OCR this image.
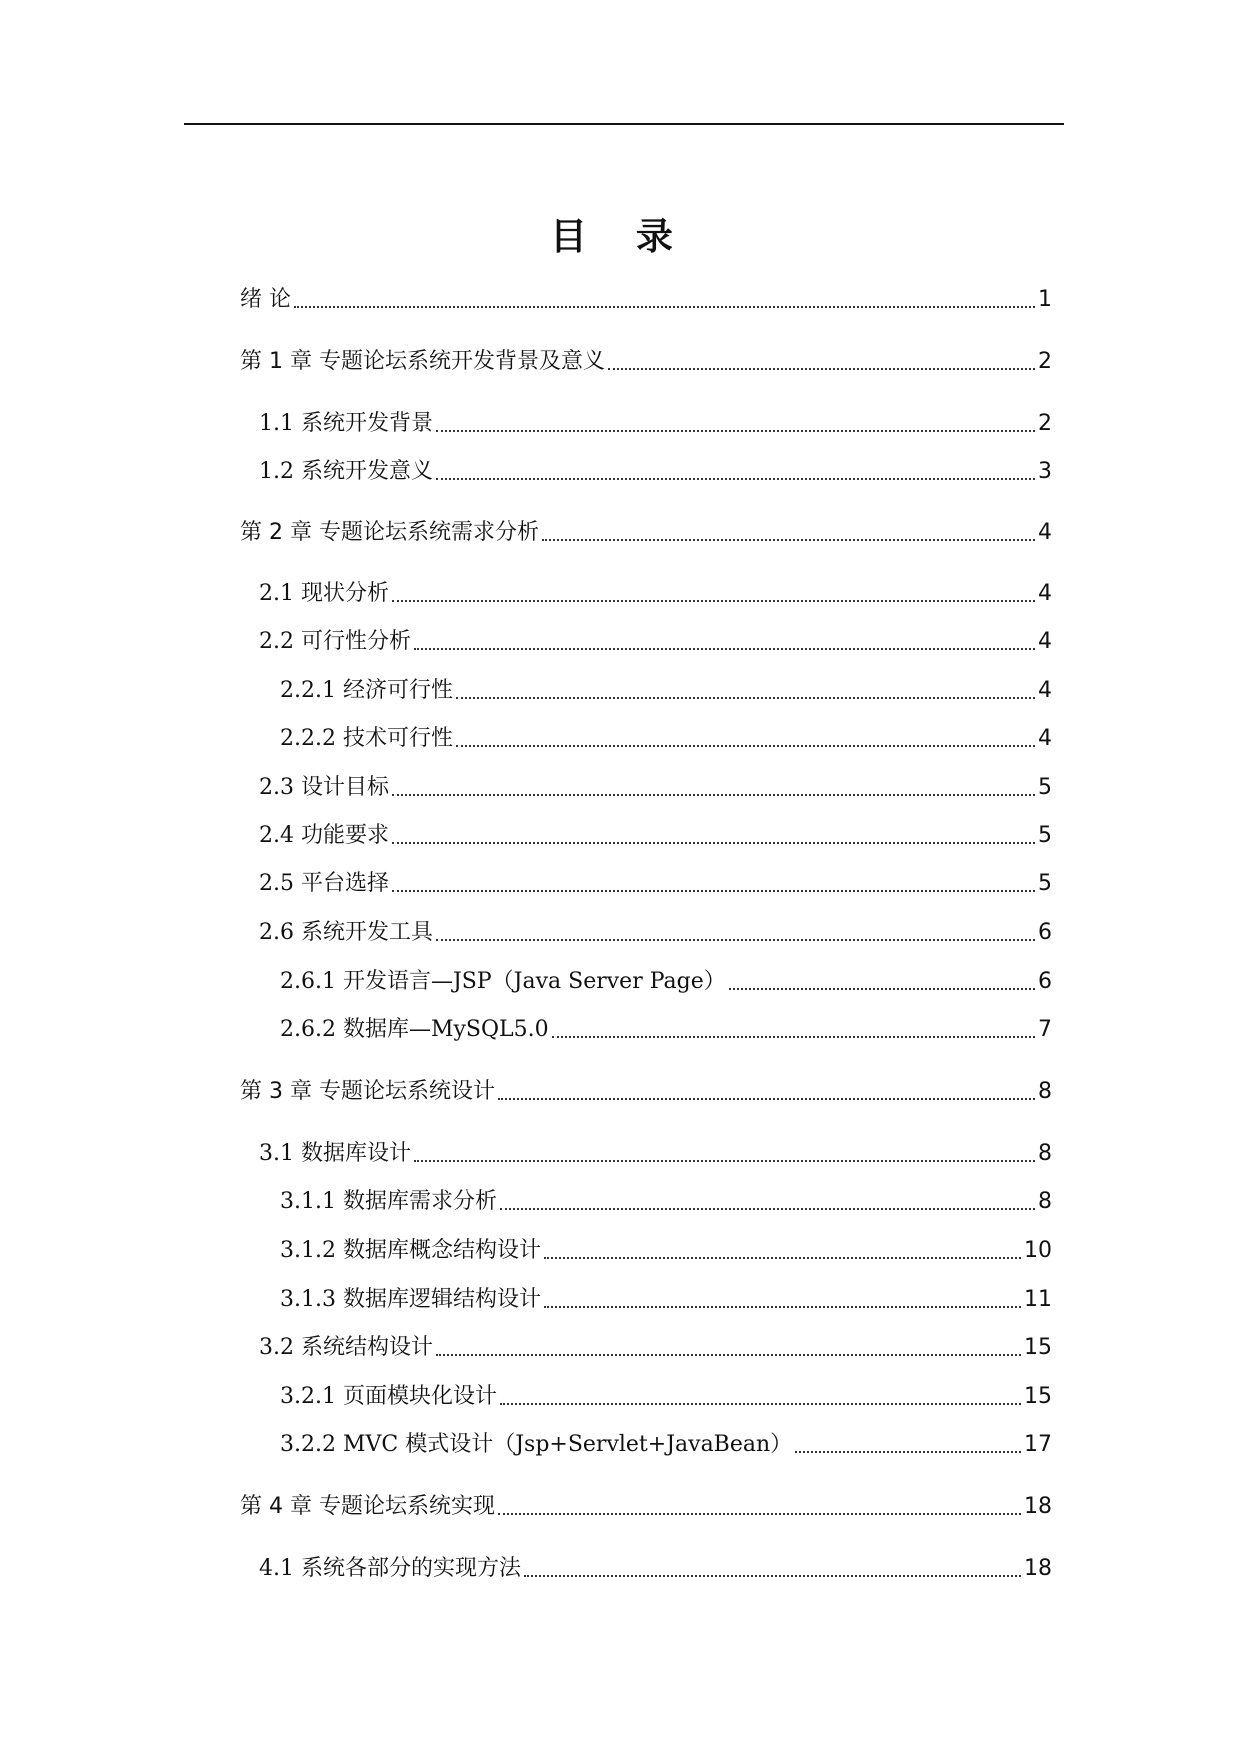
目 录
绪 论	1
第 1 章 专题论坛系统开发背景及意义	2
1.1 系统开发背景	2
1.2 系统开发意义	3
第 2 章 专题论坛系统需求分析	4
2.1 现状分析	4
2.2 可行性分析	4
2.2.1 经济可行性	4
2.2.2 技术可行性	4
2.3 设计目标	5
2.4 功能要求	5
2.5 平台选择	5
2.6 系统开发工具	6
2.6.1 开发语言—JSP（Java Server Page）	6
2.6.2 数据库—MySQL5.0	7
第 3 章 专题论坛系统设计	8
3.1 数据库设计	8
3.1.1 数据库需求分析	8
3.1.2 数据库概念结构设计	10
3.1.3 数据库逻辑结构设计	11
3.2 系统结构设计	15
3.2.1 页面模块化设计	15
3.2.2 MVC 模式设计（Jsp+Servlet+JavaBean）	17
第 4 章 专题论坛系统实现	18
4.1 系统各部分的实现方法	18
